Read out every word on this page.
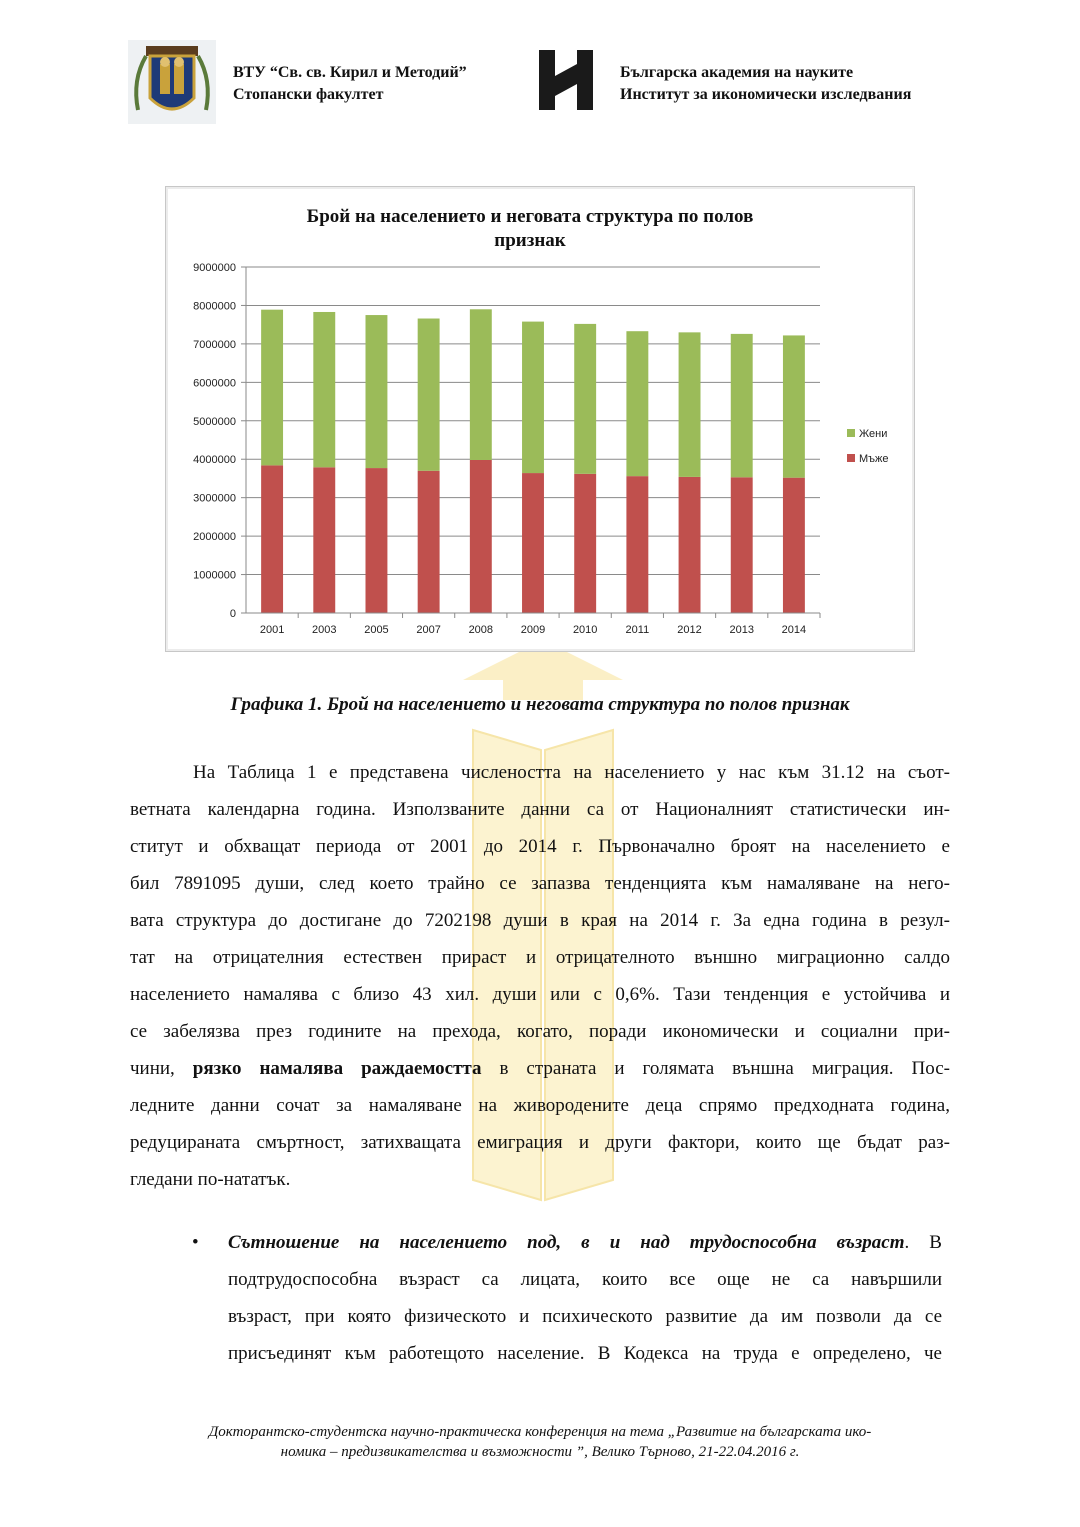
ВТУ “Св. св. Кирил и Методий”
Стопански факултет
Българска академия на науките
Институт за икономически изследвания
Брой на населението и неговата структура по полов
признак
0
1000000
2000000
3000000
4000000
5000000
6000000
7000000
8000000
9000000
2001	2003	2005	2007	2008	2009	2010	2011	2012	2013	2014
Жени
Мъже
Графика 1. Брой на населението и неговата структура по полов признак

На Таблица 1 е представена числеността на населението у нас към 31.12 на съот-
ветната календарна година. Използваните данни са от Националният статистически ин-
ститут и обхващат периода от 2001 до 2014 г. Първоначално броят на населението е
бил 7891095 души, след което трайно се запазва тенденцията към намаляване на него-
вата структура до достигане до 7202198 души в края на 2014 г. За една година в резул-
тат на отрицателния естествен прираст и отрицателното външно миграционно салдо
населението намалява с близо 43 хил. души или с 0,6%. Тази тенденция е устойчива и
се забелязва през годините на прехода, когато, поради икономически и социални при-
чини, рязко намалява раждаемостта в страната и голямата външна миграция. Пос-
ледните данни сочат за намаляване на живородените деца спрямо предходната година,
редуцираната смъртност, затихващата емиграция и други фактори, които ще бъдат раз-
гледани по-нататък.

• Сътношение на населението под, в и над трудоспособна възраст. В
подтрудоспособна възраст са лицата, които все още не са навършили
възраст, при която физическото и психическото развитие да им позволи да се
присъединят към работещото население. В Кодекса на труда е определено, че
Докторантско-студентска научно-практическа конференция на тема „Развитие на българската ико-
номика – предизвикателства и възможности ”, Велико Търново, 21-22.04.2016 г.
